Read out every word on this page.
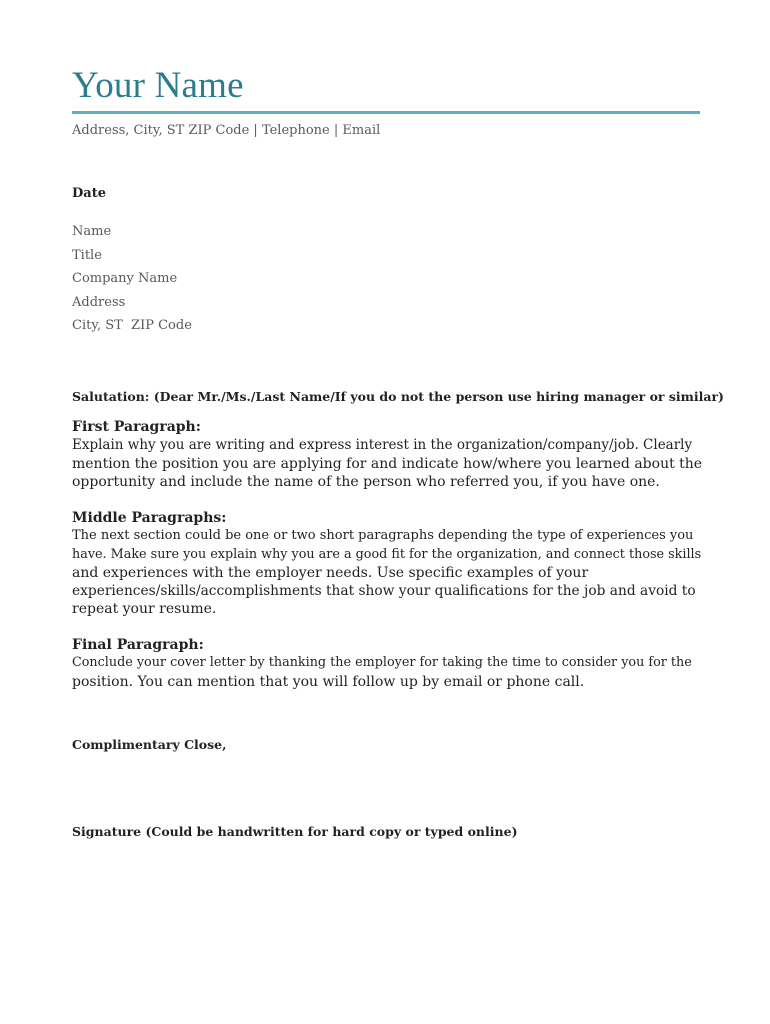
Your Name
Address, City, ST ZIP Code | Telephone | Email
Date
Name
Title
Company Name
Address
City, ST  ZIP Code
Salutation: (Dear Mr./Ms./Last Name/If you do not the person use hiring manager or similar)
First Paragraph:

Explain why you are writing and express interest in the organization/company/job. Clearly

mention the position you are applying for and indicate how/where you learned about the

opportunity and include the name of the person who referred you, if you have one.

Middle Paragraphs:

The next section could be one or two short paragraphs depending the type of experiences you

have. Make sure you explain why you are a good fit for the organization, and connect those skills

and experiences with the employer needs. Use specific examples of your

experiences/skills/accomplishments that show your qualifications for the job and avoid to

repeat your resume.

Final Paragraph:

Conclude your cover letter by thanking the employer for taking the time to consider you for the

position. You can mention that you will follow up by email or phone call.

Complimentary Close,
Signature (Could be handwritten for hard copy or typed online)
